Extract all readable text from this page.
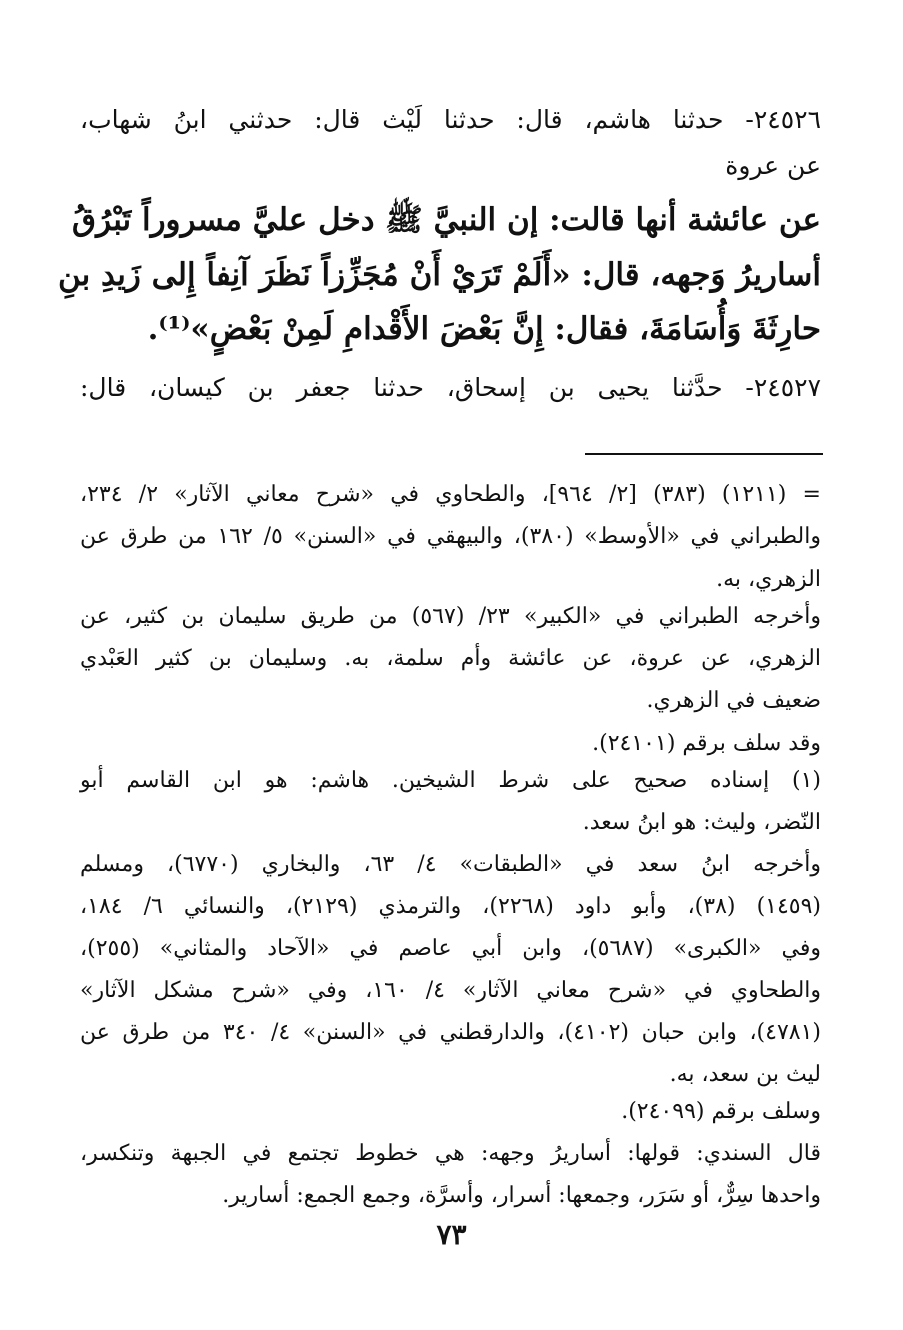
٢٤٥٢٦- حدثنا هاشم، قال: حدثنا لَيْث قال: حدثني ابنُ شهاب،
عن عروة
عن عائشة أنها قالت: إن النبيَّ ﷺ دخل عليَّ مسروراً تَبْرُقُ
أساريرُ وَجهه، قال: «أَلَمْ تَرَيْ أَنْ مُجَزِّزاً نَظَرَ آنِفاً إِلى زَيدِ بنِ
حارِثَةَ وَأُسَامَةَ، فقال: إِنَّ بَعْضَ الأَقْدامِ لَمِنْ بَعْضٍ»⁽¹⁾.
٢٤٥٢٧- حدَّثنا يحيى بن إسحاق، حدثنا جعفر بن كيسان، قال:
= (١٢١١) (٣٨٣) [٢/ ٩٦٤]، والطحاوي في «شرح معاني الآثار» ٢/ ٢٣٤،
والطبراني في «الأوسط» (٣٨٠)، والبيهقي في «السنن» ٥/ ١٦٢ من طرق عن
الزهري، به.
وأخرجه الطبراني في «الكبير» ٢٣/ (٥٦٧) من طريق سليمان بن كثير، عن
الزهري، عن عروة، عن عائشة وأم سلمة، به. وسليمان بن كثير العَبْدي
ضعيف في الزهري.
وقد سلف برقم (٢٤١٠١).
(١) إسناده صحيح على شرط الشيخين. هاشم: هو ابن القاسم أبو
النّضر، وليث: هو ابنُ سعد.
وأخرجه ابنُ سعد في «الطبقات» ٤/ ٦٣، والبخاري (٦٧٧٠)، ومسلم
(١٤٥٩) (٣٨)، وأبو داود (٢٢٦٨)، والترمذي (٢١٢٩)، والنسائي ٦/ ١٨٤،
وفي «الكبرى» (٥٦٨٧)، وابن أبي عاصم في «الآحاد والمثاني» (٢٥٥)،
والطحاوي في «شرح معاني الآثار» ٤/ ١٦٠، وفي «شرح مشكل الآثار»
(٤٧٨١)، وابن حبان (٤١٠٢)، والدارقطني في «السنن» ٤/ ٣٤٠ من طرق عن
ليث بن سعد، به.
وسلف برقم (٢٤٠٩٩).
قال السندي: قولها: أساريرُ وجهه: هي خطوط تجتمع في الجبهة وتنكسر،
واحدها سِرٌّ، أو سَرَر، وجمعها: أسرار، وأسرَّة، وجمع الجمع: أسارير.
٧٣
